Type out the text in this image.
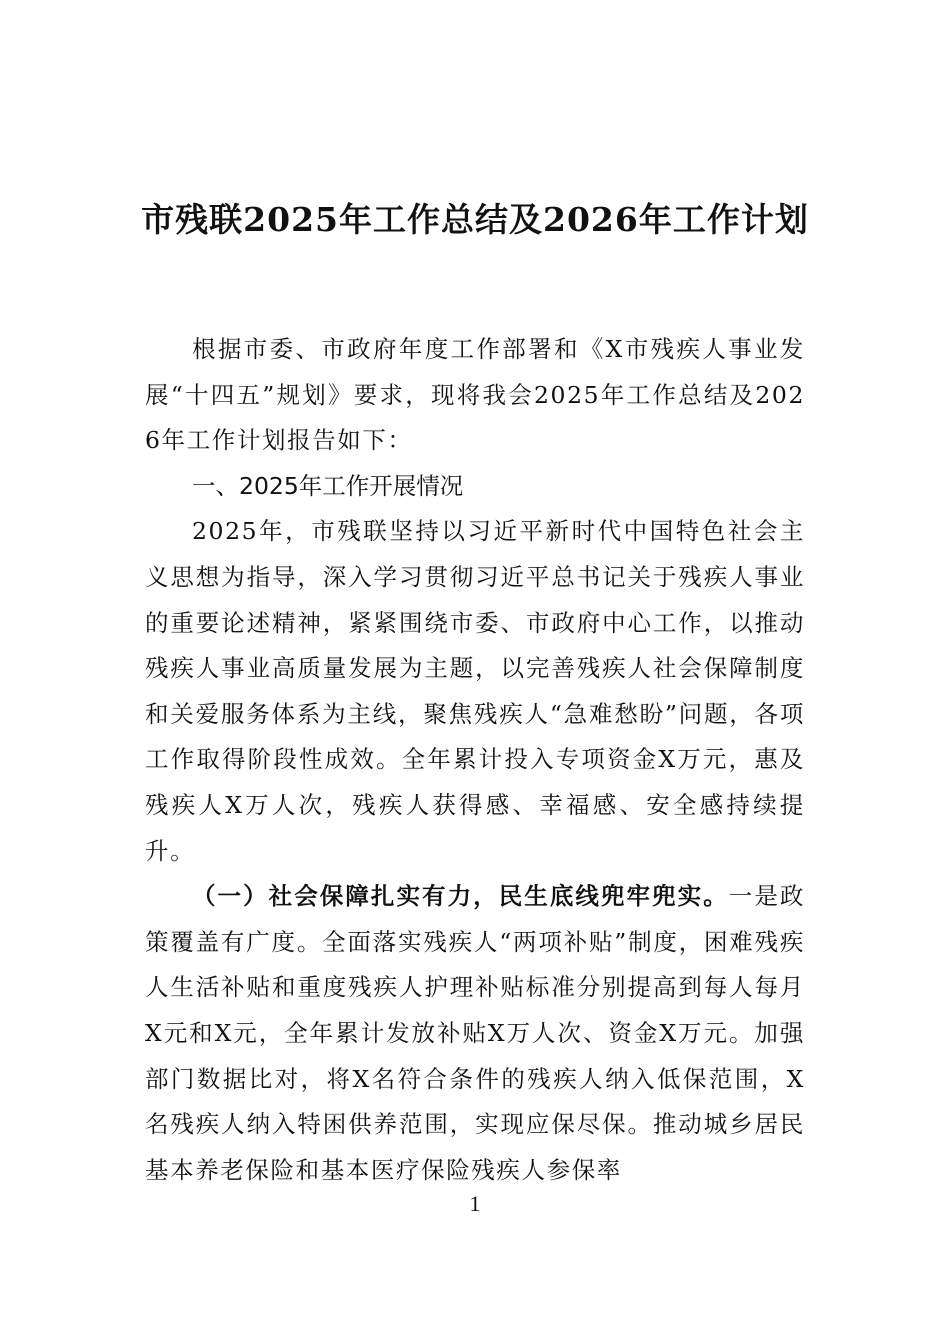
市残联2025年工作总结及2026年工作计划

根据市委、市政府年度工作部署和《X市残疾人事业发展“十四五”规划》要求，现将我会2025年工作总结及2026年工作计划报告如下：

一、2025年工作开展情况

2025年，市残联坚持以习近平新时代中国特色社会主义思想为指导，深入学习贯彻习近平总书记关于残疾人事业的重要论述精神，紧紧围绕市委、市政府中心工作，以推动残疾人事业高质量发展为主题，以完善残疾人社会保障制度和关爱服务体系为主线，聚焦残疾人“急难愁盼”问题，各项工作取得阶段性成效。全年累计投入专项资金X万元，惠及残疾人X万人次，残疾人获得感、幸福感、安全感持续提升。

（一）社会保障扎实有力，民生底线兜牢兜实。一是政策覆盖有广度。全面落实残疾人“两项补贴”制度，困难残疾人生活补贴和重度残疾人护理补贴标准分别提高到每人每月X元和X元，全年累计发放补贴X万人次、资金X万元。加强部门数据比对，将X名符合条件的残疾人纳入低保范围，X名残疾人纳入特困供养范围，实现应保尽保。推动城乡居民基本养老保险和基本医疗保险残疾人参保率

1
